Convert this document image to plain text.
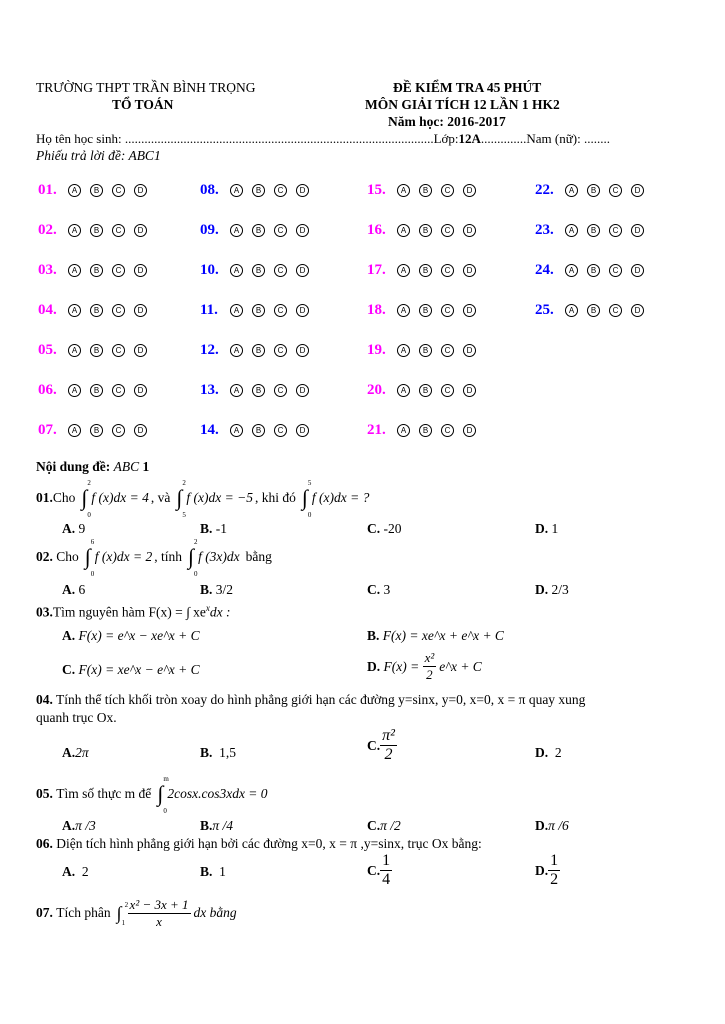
TRƯỜNG THPT TRẦN BÌNH TRỌNG
TỔ TOÁN
ĐỀ KIỂM TRA 45 PHÚT
MÔN GIẢI TÍCH 12 LẦN 1 HK2
Năm học: 2016-2017
Họ tên học sinh: ...............................................................................................Lớp:12A..............Nam (nữ): ........
Phiếu trả lời đề: ABC1
01.	A	B	C	D
02.	A	B	C	D
03.	A	B	C	D
04.	A	B	C	D
05.	A	B	C	D
06.	A	B	C	D
07.	A	B	C	D
08.	A	B	C	D
09.	A	B	C	D
10.	A	B	C	D
11.	A	B	C	D
12.	A	B	C	D
13.	A	B	C	D
14.	A	B	C	D
15.	A	B	C	D
16.	A	B	C	D
17.	A	B	C	D
18.	A	B	C	D
19.	A	B	C	D
20.	A	B	C	D
21.	A	B	C	D
22.	A	B	C	D
23.	A	B	C	D
24.	A	B	C	D
25.	A	B	C	D
Nội dung đề: ABC 1
01. Cho ∫
2
0
f (x)dx = 4 , và ∫
2
5
f (x)dx = −5 , khi đó ∫
5
0
f (x)dx = ?
A. 9	B. -1	C. -20	D. 1
02.
Cho ∫
6
0
f (x)dx = 2 , tính ∫
2
0
f (3x)dx bằng
A. 6	B. 3/2	C. 3	D. 2/3
03.Tìm nguyên hàm F(x) = ∫ $xe^xdx$ :
A. F(x) = e^x − xe^x + C	B. F(x) = xe^x + e^x + C
C. F(x) = xe^x − e^x + C	D.
F(x) =
$\frac{\text{x²}}{2}$ e^x + C
04. Tính thể tích khối tròn xoay do hình phẳng giới hạn các đường y=sinx, y=0, x=0, x = π quay xung
quanh trục Ox.
A.2π	B. 1,5	C. $\frac{\text{π²}}{2}$	D. 2
05.
Tìm số thực m để ∫
m
0
2cosx.cos3xdx = 0
A.π /3	B.π /4	C.π /2	D.π /6
06. Diện tích hình phẳng giới hạn bởi các đường x=0, x = π ,y=sinx, trục Ox bằng:
A. 2	B. 1	C. $\frac{1}{4}$	D. $\frac{1}{2}$
07.
Tích phân ∫ 2
$1 \frac{\text{x² − 3x + 1}}{x}$ dx bằng
